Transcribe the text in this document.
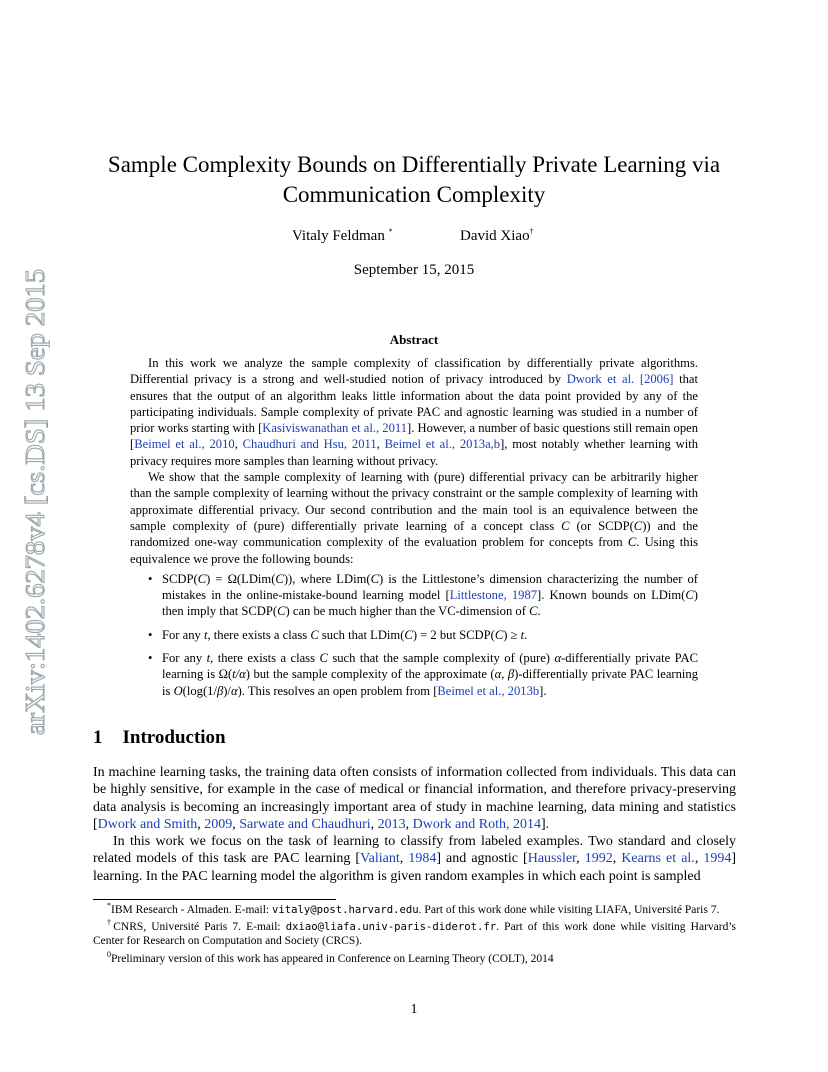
arXiv:1402.6278v4 [cs.DS] 13 Sep 2015
Sample Complexity Bounds on Differentially Private Learning via
Communication Complexity
Vitaly Feldman *	David Xiao†
September 15, 2015
Abstract

In this work we analyze the sample complexity of classification by differentially private algorithms. Differential privacy is a strong and well-studied notion of privacy introduced by Dwork et al. [2006] that ensures that the output of an algorithm leaks little information about the data point provided by any of the participating individuals. Sample complexity of private PAC and agnostic learning was studied in a number of prior works starting with [Kasiviswanathan et al., 2011]. However, a number of basic questions still remain open [Beimel et al., 2010, Chaudhuri and Hsu, 2011, Beimel et al., 2013a,b], most notably whether learning with privacy requires more samples than learning without privacy.

We show that the sample complexity of learning with (pure) differential privacy can be arbitrarily higher than the sample complexity of learning without the privacy constraint or the sample complexity of learning with approximate differential privacy. Our second contribution and the main tool is an equivalence between the sample complexity of (pure) differentially private learning of a concept class C (or SCDP(C)) and the randomized one-way communication complexity of the evaluation problem for concepts from C. Using this equivalence we prove the following bounds:

• SCDP(C) = Ω(LDim(C)), where LDim(C) is the Littlestone’s dimension characterizing the number of mistakes in the online-mistake-bound learning model [Littlestone, 1987]. Known bounds on LDim(C) then imply that SCDP(C) can be much higher than the VC-dimension of C.
• For any t, there exists a class C such that LDim(C) = 2 but SCDP(C) ≥ t.
• For any t, there exists a class C such that the sample complexity of (pure) α-differentially private PAC learning is Ω(t/α) but the sample complexity of the approximate (α, β)-differentially private PAC learning is O(log(1/β)/α). This resolves an open problem from [Beimel et al., 2013b].
1 Introduction

In machine learning tasks, the training data often consists of information collected from individuals. This data can be highly sensitive, for example in the case of medical or financial information, and therefore privacy-preserving data analysis is becoming an increasingly important area of study in machine learning, data mining and statistics [Dwork and Smith, 2009, Sarwate and Chaudhuri, 2013, Dwork and Roth, 2014].

In this work we focus on the task of learning to classify from labeled examples. Two standard and closely related models of this task are PAC learning [Valiant, 1984] and agnostic [Haussler, 1992, Kearns et al., 1994] learning. In the PAC learning model the algorithm is given random examples in which each point is sampled

*IBM Research - Almaden. E-mail: vitaly@post.harvard.edu. Part of this work done while visiting LIAFA, Université Paris 7.

†CNRS, Université Paris 7. E-mail: dxiao@liafa.univ-paris-diderot.fr. Part of this work done while visiting Harvard’s Center for Research on Computation and Society (CRCS).

$^0$Preliminary version of this work has appeared in Conference on Learning Theory (COLT), 2014

1
